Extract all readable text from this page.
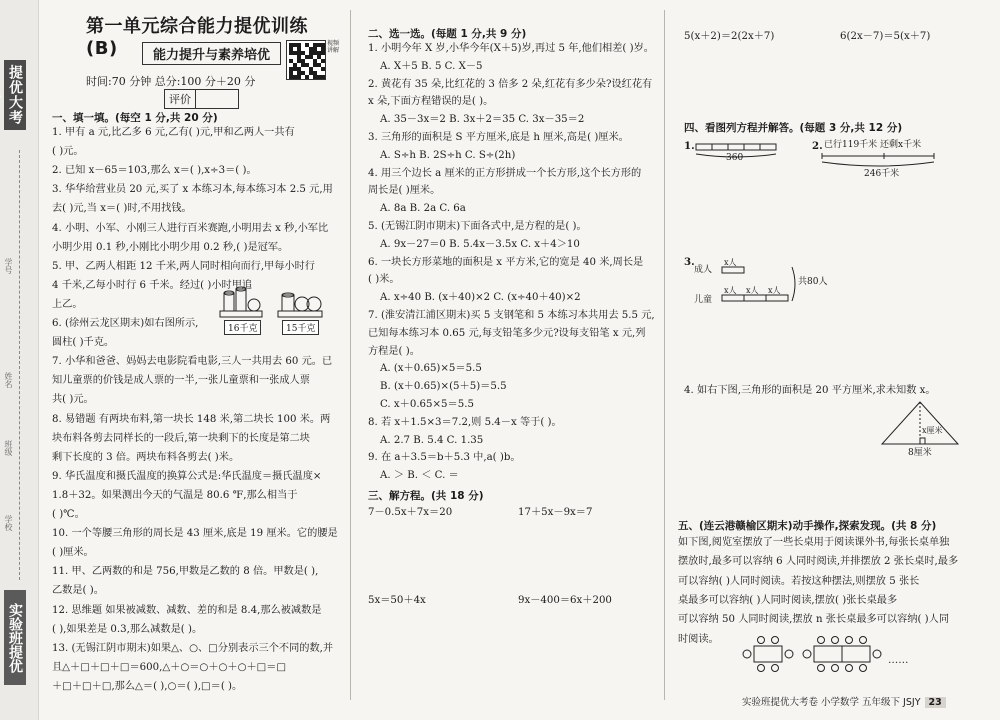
提优大考
学号
姓名
班级
学校
实验班提优
第一单元综合能力提优训练(B)	能力提升与素养培优
视频讲解
时间:70 分钟 总分:100 分＋20 分
评价
一、填一填。(每空 1 分,共 20 分)
1. 甲有 a 元,比乙多 6 元,乙有( )元,甲和乙两人一共有
( )元。
2. 已知 x－65＝103,那么 x＝( ),x÷3＝( )。
3. 华华给营业员 20 元,买了 x 本练习本,每本练习本 2.5 元,用
去( )元,当 x＝( )时,不用找钱。
4. 小明、小军、小刚三人进行百米赛跑,小明用去 x 秒,小军比
小明少用 0.1 秒,小刚比小明少用 0.2 秒,( )是冠军。
5. 甲、乙两人相距 12 千米,两人同时相向而行,甲每小时行
4 千米,乙每小时行 6 千米。经过( )小时甲追
上乙。
6. (徐州云龙区期末)如右图所示,
圆柱( )千克。
7. 小华和爸爸、妈妈去电影院看电影,三人一共用去 60 元。已
知儿童票的价钱是成人票的一半,一张儿童票和一张成人票
共( )元。
8. 易错题 有两块布料,第一块长 148 米,第二块长 100 米。两
块布料各剪去同样长的一段后,第一块剩下的长度是第二块
剩下长度的 3 倍。两块布料各剪去( )米。
9. 华氏温度和摄氏温度的换算公式是:华氏温度＝摄氏温度×
1.8＋32。如果测出今天的气温是 80.6 ℉,那么相当于
( )℃。
10. 一个等腰三角形的周长是 43 厘米,底是 19 厘米。它的腰是
( )厘米。
11. 甲、乙两数的和是 756,甲数是乙数的 8 倍。甲数是( ),
乙数是( )。
12. 思维题 如果被减数、减数、差的和是 8.4,那么被减数是
( ),如果差是 0.3,那么减数是( )。
13. (无锡江阴市期末)如果△、○、□分别表示三个不同的数,并
且△＋□＋□＋□＝600,△＋○＝○＋○＋○＋□＝□
＋□＋□＋□,那么△＝( ),○＝( ),□＝( )。
16千克	15千克
二、选一选。(每题 1 分,共 9 分)
1. 小明今年 X 岁,小华今年(X＋5)岁,再过 5 年,他们相差( )岁。
A. X＋5 B. 5 C. X－5
2. 黄花有 35 朵,比红花的 3 倍多 2 朵,红花有多少朵?设红花有
x 朵,下面方程错误的是( )。
A. 35－3x＝2 B. 3x＋2＝35 C. 3x－35＝2
3. 三角形的面积是 S 平方厘米,底是 h 厘米,高是( )厘米。
A. S÷h B. 2S÷h C. S÷(2h)
4. 用三个边长 a 厘米的正方形拼成一个长方形,这个长方形的
周长是( )厘米。
A. 8a B. 2a C. 6a
5. (无锡江阴市期末)下面各式中,是方程的是( )。
A. 9x－27＝0 B. 5.4x－3.5x C. x＋4＞10
6. 一块长方形菜地的面积是 x 平方米,它的宽是 40 米,周长是
( )米。
A. x÷40 B. (x＋40)×2 C. (x÷40＋40)×2
7. (淮安清江浦区期末)买 5 支钢笔和 5 本练习本共用去 5.5 元,
已知每本练习本 0.65 元,每支铅笔多少元?设每支铅笔 x 元,列
方程是( )。
A. (x＋0.65)×5＝5.5
B. (x＋0.65)×(5＋5)＝5.5
C. x＋0.65×5＝5.5
8. 若 x＋1.5×3＝7.2,则 5.4－x 等于( )。
A. 2.7 B. 5.4 C. 1.35
9. 在 a＋3.5＝b＋5.3 中,a( )b。
A. ＞ B. ＜ C. ＝
三、解方程。(共 18 分)
7－0.5x＋7x＝20	17＋5x－9x＝7
5x＝50＋4x	9x－400＝6x＋200
5(x＋2)＝2(2x＋7)	6(2x－7)＝5(x＋7)
四、看图列方程并解答。(每题 3 分,共 12 分)
1.
360
2. 已行119千米 还剩x千米
246千米
3.
成人
儿童
x人
x人 x人 x人
共80人
4. 如右下图,三角形的面积是 20 平方厘米,求未知数 x。
x厘米
8厘米
五、(连云港赣榆区期末)动手操作,探索发现。(共 8 分)
如下图,阅览室摆放了一些长桌用于阅读课外书,每张长桌单独
摆放时,最多可以容纳 6 人同时阅读,并排摆放 2 张长桌时,最多
可以容纳( )人同时阅读。若按这种摆法,则摆放 5 张长
桌最多可以容纳( )人同时阅读,摆放( )张长桌最多
可以容纳 50 人同时阅读,摆放 n 张长桌最多可以容纳( )人同
时阅读。
……
实验班提优大考卷 小学数学 五年级下 JSJY 23
